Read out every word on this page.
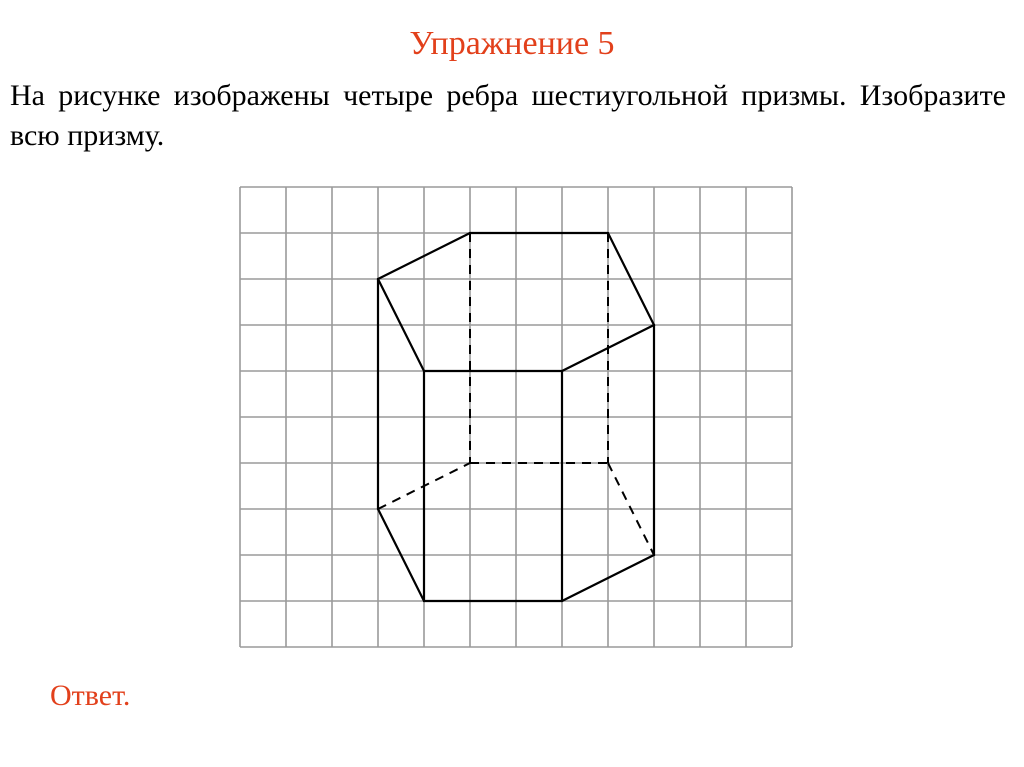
Упражнение 5
На рисунке изображены четыре ребра шестиугольной призмы. Изобразите всю призму.
Ответ.
